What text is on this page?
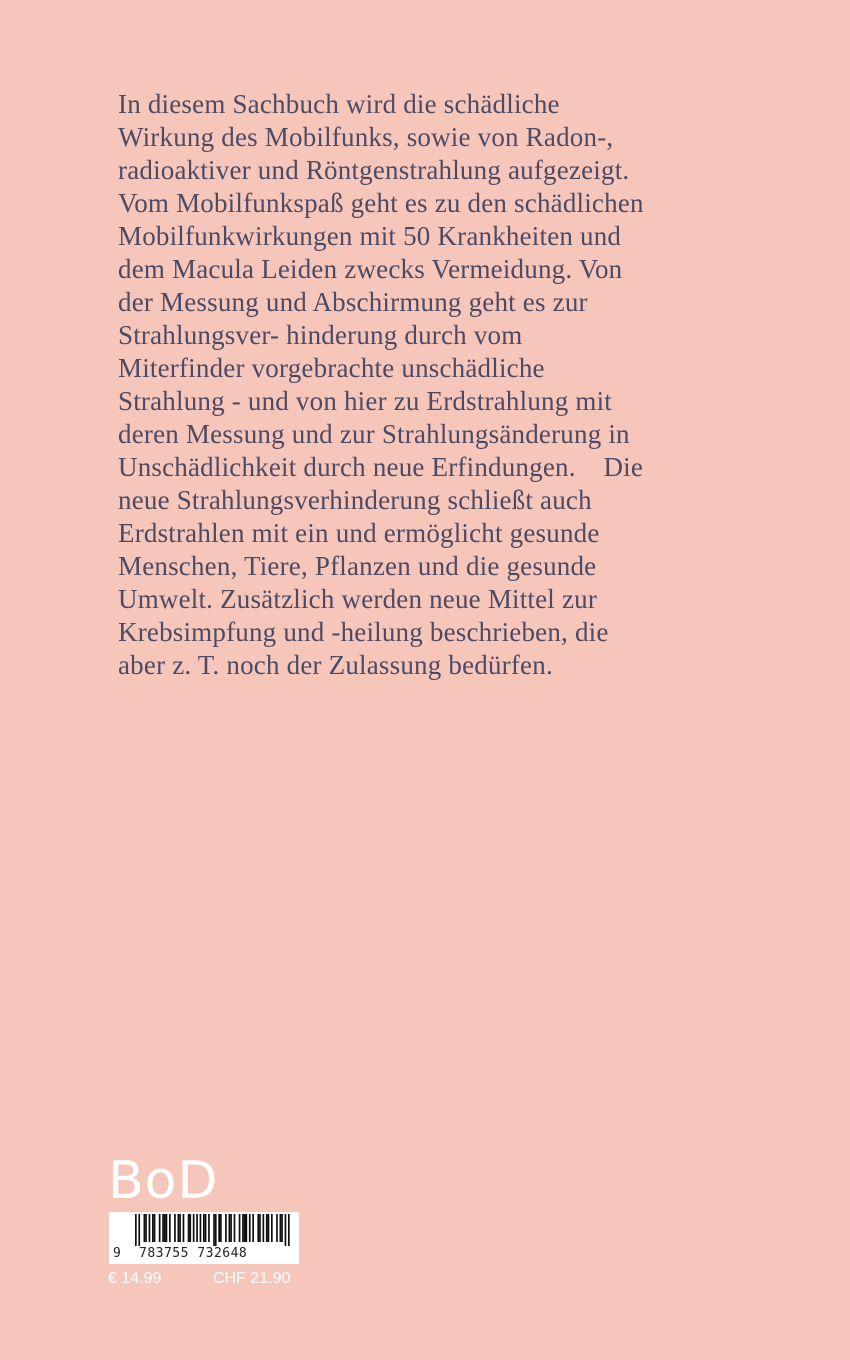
In diesem Sachbuch wird die schädliche
Wirkung des Mobilfunks, sowie von Radon-,
radioaktiver und Röntgenstrahlung aufgezeigt.
Vom Mobilfunkspaß geht es zu den schädlichen
Mobilfunkwirkungen mit 50 Krankheiten und
dem Macula Leiden zwecks Vermeidung. Von
der Messung und Abschirmung geht es zur
Strahlungsver- hinderung durch vom
Miterfinder vorgebrachte unschädliche
Strahlung - und von hier zu Erdstrahlung mit
deren Messung und zur Strahlungsänderung in
Unschädlichkeit durch neue Erfindungen.    Die
neue Strahlungsverhinderung schließt auch
Erdstrahlen mit ein und ermöglicht gesunde
Menschen, Tiere, Pflanzen und die gesunde
Umwelt. Zusätzlich werden neue Mittel zur
Krebsimpfung und -heilung beschrieben, die
aber z. T. noch der Zulassung bedürfen.
BoD
9 783755 732648
€ 14.99	CHF 21.90
